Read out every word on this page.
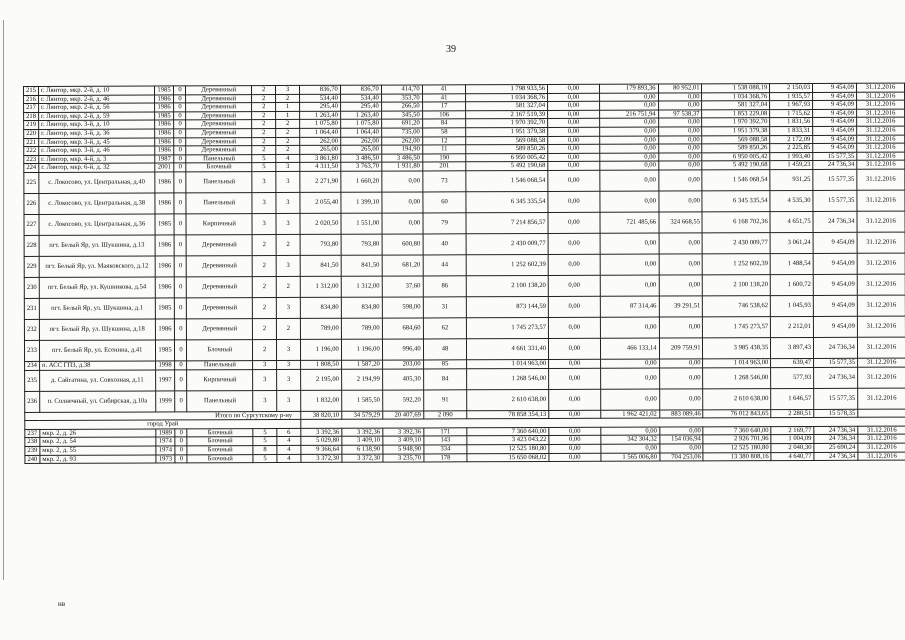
39
215	г. Лянтор, мкр. 2-й, д. 10	1985	0	Деревянный	2	3	836,70	836,70	414,70	41	1 798 933,56	0,00	179 893,36	80 952,01	1 538 088,19	2 150,03	9 454,09	31.12.2016
216	г. Лянтор, мкр. 2-й, д. 46	1986	0	Деревянный	2	2	534,40	534,40	353,70	41	1 034 368,76	0,00	0,00	0,00	1 034 368,76	1 935,57	9 454,09	31.12.2016
217	г. Лянтор, мкр. 2-й, д. 56	1986	0	Деревянный	2	1	295,40	295,40	266,50	17	581 327,04	0,00	0,00	0,00	581 327,04	1 967,93	9 454,09	31.12.2016
218	г. Лянтор, мкр. 2-й, д. 59	1985	0	Деревянный	2	1	1 263,40	1 263,40	345,50	106	2 167 519,39	0,00	216 751,94	97 538,37	1 853 229,08	1 715,62	9 454,09	31.12.2016
219	г. Лянтор, мкр. 3-й, д. 10	1986	0	Деревянный	2	2	1 075,80	1 075,80	691,20	84	1 970 392,70	0,00	0,00	0,00	1 970 392,70	1 831,56	9 454,09	31.12.2016
220	г. Лянтор, мкр. 3-й, д. 36	1986	0	Деревянный	2	2	1 064,40	1 064,40	735,00	58	1 951 379,38	0,00	0,00	0,00	1 951 379,38	1 833,31	9 454,09	31.12.2016
221	г. Лянтор, мкр. 3-й, д. 45	1986	0	Деревянный	2	2	262,00	262,00	262,00	12	569 088,58	0,00	0,00	0,00	569 088,58	2 172,09	9 454,09	31.12.2016
222	г. Лянтор, мкр. 3-й, д. 46	1986	0	Деревянный	2	2	265,00	265,00	194,90	11	589 850,26	0,00	0,00	0,00	589 850,26	2 225,85	9 454,09	31.12.2016
223	г. Лянтор, мкр. 4-й, д. 3	1987	0	Панельный	5	4	3 861,80	3 486,50	3 486,50	190	6 950 005,42	0,00	0,00	0,00	6 950 005,42	1 993,40	15 577,35	31.12.2016
224	г. Лянтор, мкр. 6-й, д. 32	2001	0	Блочный	5	3	4 311,50	3 763,70	1 931,80	201	5 492 190,68	0,00	0,00	0,00	5 492 190,68	1 459,23	24 736,34	31.12.2016
225	с. Локосово, ул. Центральная, д.40	1986	0	Панельный	3	3	2 271,90	1 660,20	0,00	73	1 546 068,54	0,00	0,00	0,00	1 546 068,54	931,25	15 577,35	31.12.2016
226	с. Локосово, ул. Центральная, д.38	1986	0	Панельный	3	3	2 055,40	1 399,10	0,00	60	6 345 335,54	0,00	0,00	0,00	6 345 335,54	4 535,30	15 577,35	31.12.2016
227	с. Локосово, ул. Центральная, д.36	1985	0	Кирпичный	3	3	2 020,50	1 551,00	0,00	79	7 214 856,57	0,00	721 485,66	324 668,55	6 168 702,36	4 651,75	24 736,34	31.12.2016
228	пгт. Белый Яр, ул. Шукшина, д.13	1986	0	Деревянный	2	2	793,80	793,80	600,80	40	2 430 009,77	0,00	0,00	0,00	2 430 009,77	3 061,24	9 454,09	31.12.2016
229	пгт. Белый Яр, ул. Маяковского, д.12	1986	0	Деревянный	2	3	841,50	841,50	681,20	44	1 252 602,39	0,00	0,00	0,00	1 252 602,39	1 488,54	9 454,09	31.12.2016
230	пгт. Белый Яр, ул. Кушникова, д.54	1986	0	Деревянный	2	2	1 312,00	1 312,00	37,60	86	2 100 138,20	0,00	0,00	0,00	2 100 138,20	1 600,72	9 454,09	31.12.2016
231	пгт. Белый Яр, ул. Шукшина, д.1	1985	0	Деревянный	2	3	834,80	834,80	598,00	31	873 144,59	0,00	87 314,46	39 291,51	746 538,62	1 045,93	9 454,09	31.12.2016
232	пгт. Белый Яр, ул. Шукшина, д.18	1986	0	Деревянный	2	2	789,00	789,00	684,60	62	1 745 273,57	0,00	0,00	0,00	1 745 273,57	2 212,01	9 454,09	31.12.2016
233	пгт. Белый Яр, ул. Есенина, д.41	1985	0	Блочный	2	3	1 196,00	1 196,00	996,40	48	4 661 331,40	0,00	466 133,14	209 759,91	3 985 438,35	3 897,43	24 736,34	31.12.2016
234	п. АСС ГПЗ, д.38	1998	0	Панельный	3	3	1 808,50	1 587,20	203,00	85	1 014 963,00	0,00	0,00	0,00	1 014 963,00	639,47	15 577,35	31.12.2016
235	д. Сайгатина, ул. Совхозная, д.11	1997	0	Кирпичный	3	3	2 195,00	2 194,99	405,30	84	1 268 546,00	0,00	0,00	0,00	1 268 546,00	577,93	24 736,34	31.12.2016
236	п. Солнечный, ул. Сибирская, д.10а	1999	0	Панельный	3	3	1 832,00	1 585,50	592,20	91	2 610 638,00	0,00	0,00	0,00	2 610 638,00	1 646,57	15 577,35	31.12.2016
Итого по Сургутскому р-ну							38 820,10	34 579,29	20 407,69	2 090	78 858 354,13	0,00	1 962 421,02	883 089,46	76 012 843,65	2 280,51	15 578,35	
город Урай																		
237	мкр. 2, д. 26	1989	0	Блочный	5	6	3 392,36	3 392,36	3 392,36	171	7 360 640,00	0,00	0,00	0,00	7 360 640,00	2 169,77	24 736,34	31.12.2016
238	мкр. 2, д. 54	1974	0	Блочный	5	4	5 029,80	3 409,10	3 409,10	143	3 423 043,22	0,00	342 304,32	154 036,94	2 926 701,96	1 004,09	24 736,34	31.12.2016
239	мкр. 2, д. 55	1974	0	Блочный	8	4	9 366,64	6 138,90	5 948,90	334	12 525 180,80	0,00	0,00	0,00	12 525 180,80	2 040,30	25 690,24	31.12.2016
240	мкр. 2, д. 93	1973	0	Блочный	5	4	3 372,30	3 372,30	3 235,70	178	15 650 068,02	0,00	1 565 006,80	704 253,06	13 380 808,16	4 640,77	24 736,34	31.12.2016
нв
